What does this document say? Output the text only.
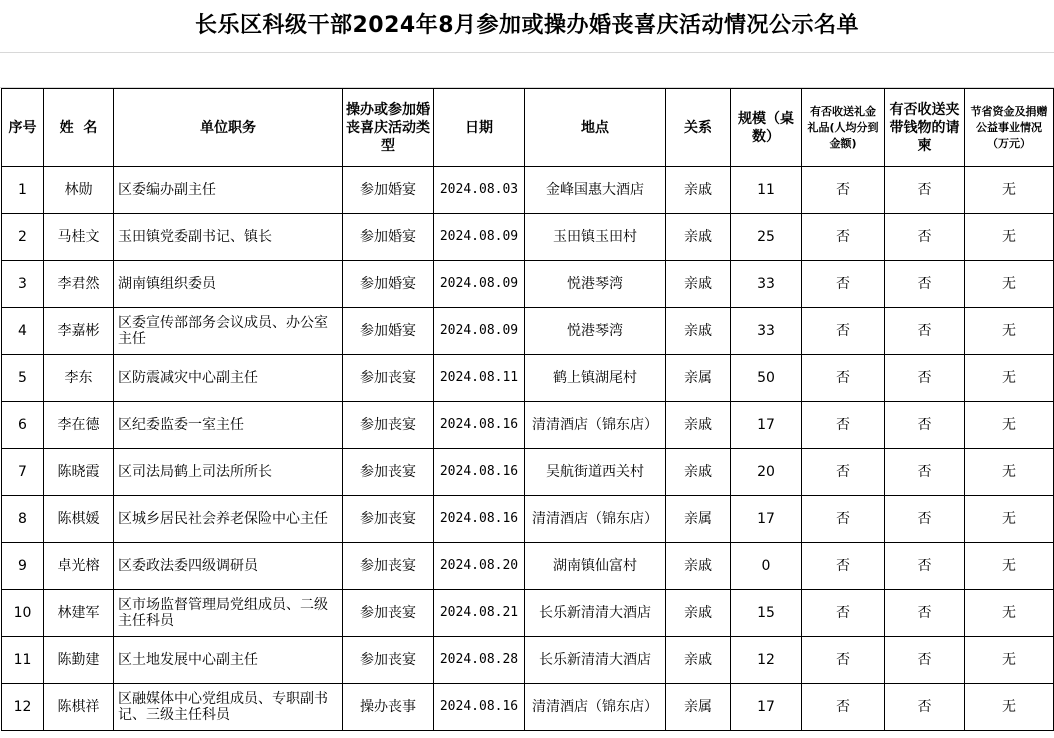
长乐区科级干部2024年8月参加或操办婚丧喜庆活动情况公示名单
序号	姓  名	单位职务	操办或参加婚丧喜庆活动类型	日期	地点	关系	规模（桌数）	有否收送礼金礼品(人均分到金额)	有否收送夹带钱物的请柬	节省资金及捐赠公益事业情况（万元）
1	林勋	区委编办副主任	参加婚宴	2024.08.03	金峰国惠大酒店	亲戚	11	否	否	无
2	马桂文	玉田镇党委副书记、镇长	参加婚宴	2024.08.09	玉田镇玉田村	亲戚	25	否	否	无
3	李君然	湖南镇组织委员	参加婚宴	2024.08.09	悦港琴湾	亲戚	33	否	否	无
4	李嘉彬	区委宣传部部务会议成员、办公室主任	参加婚宴	2024.08.09	悦港琴湾	亲戚	33	否	否	无
5	李东	区防震减灾中心副主任	参加丧宴	2024.08.11	鹤上镇湖尾村	亲属	50	否	否	无
6	李在德	区纪委监委一室主任	参加丧宴	2024.08.16	清清酒店（锦东店）	亲戚	17	否	否	无
7	陈晓霞	区司法局鹤上司法所所长	参加丧宴	2024.08.16	吴航街道西关村	亲戚	20	否	否	无
8	陈棋媛	区城乡居民社会养老保险中心主任	参加丧宴	2024.08.16	清清酒店（锦东店）	亲属	17	否	否	无
9	卓光榕	区委政法委四级调研员	参加丧宴	2024.08.20	湖南镇仙富村	亲戚	0	否	否	无
10	林建军	区市场监督管理局党组成员、二级主任科员	参加丧宴	2024.08.21	长乐新清清大酒店	亲戚	15	否	否	无
11	陈勤建	区土地发展中心副主任	参加丧宴	2024.08.28	长乐新清清大酒店	亲戚	12	否	否	无
12	陈棋祥	区融媒体中心党组成员、专职副书记、三级主任科员	操办丧事	2024.08.16	清清酒店（锦东店）	亲属	17	否	否	无
